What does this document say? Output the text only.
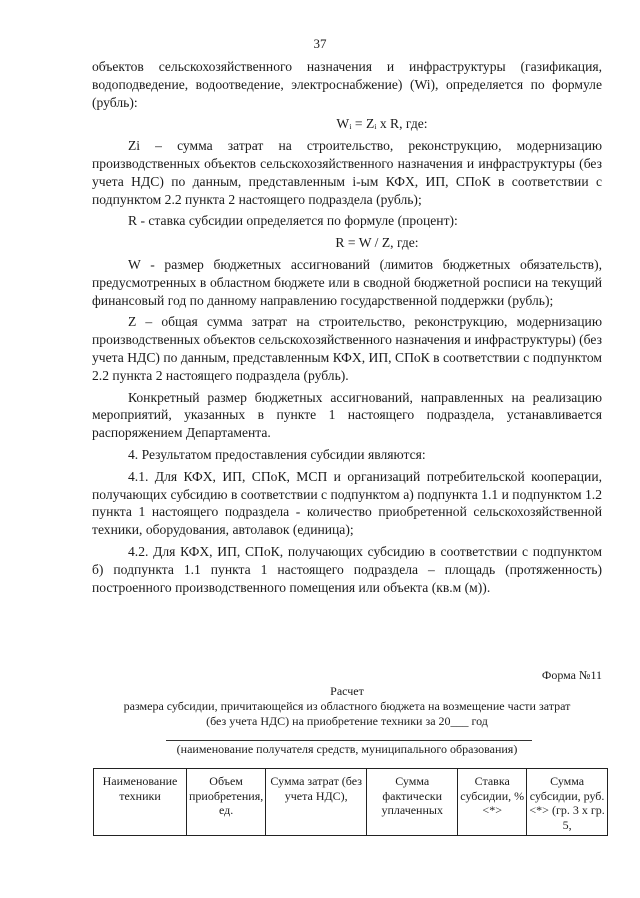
37

объектов сельскохозяйственного назначения и инфраструктуры (газификация, водоподведение, водоотведение, электроснабжение) (Wi), определяется по формуле (рубль):

Wᵢ = Zᵢ x R, где:

Zi – сумма затрат на строительство, реконструкцию, модернизацию производственных объектов сельскохозяйственного назначения и инфраструктуры (без учета НДС) по данным, представленным i-ым КФХ, ИП, СПоК в соответствии с подпунктом 2.2 пункта 2 настоящего подраздела (рубль);

R - ставка субсидии определяется по формуле (процент):

R = W / Z, где:

W - размер бюджетных ассигнований (лимитов бюджетных обязательств), предусмотренных в областном бюджете или в сводной бюджетной росписи на текущий финансовый год по данному направлению государственной поддержки (рубль);

Z – общая сумма затрат на строительство, реконструкцию, модернизацию производственных объектов сельскохозяйственного назначения и инфраструктуры) (без учета НДС) по данным, представленным КФХ, ИП, СПоК в соответствии с подпунктом 2.2 пункта 2 настоящего подраздела (рубль).

Конкретный размер бюджетных ассигнований, направленных на реализацию мероприятий, указанных в пункте 1 настоящего подраздела, устанавливается распоряжением Департамента.

4. Результатом предоставления субсидии являются:

4.1. Для КФХ, ИП, СПоК, МСП и организаций потребительской кооперации, получающих субсидию в соответствии с подпунктом а) подпункта 1.1 и подпунктом 1.2 пункта 1 настоящего подраздела - количество приобретенной сельскохозяйственной техники, оборудования, автолавок (единица);

4.2. Для КФХ, ИП, СПоК, получающих субсидию в соответствии с подпунктом б) подпункта 1.1 пункта 1 настоящего подраздела – площадь (протяженность) построенного производственного помещения или объекта (кв.м (м)).

Форма №11
Расчет
размера субсидии, причитающейся из областного бюджета на возмещение части затрат
(без учета НДС) на приобретение техники за 20___ год
(наименование получателя средств, муниципального образования)
Наименование техники	Объем приобретения, ед.	Сумма затрат (без учета НДС),	Сумма фактически уплаченных	Ставка субсидии, % <*>	Сумма субсидии, руб. <*> (гр. 3 х гр. 5,
